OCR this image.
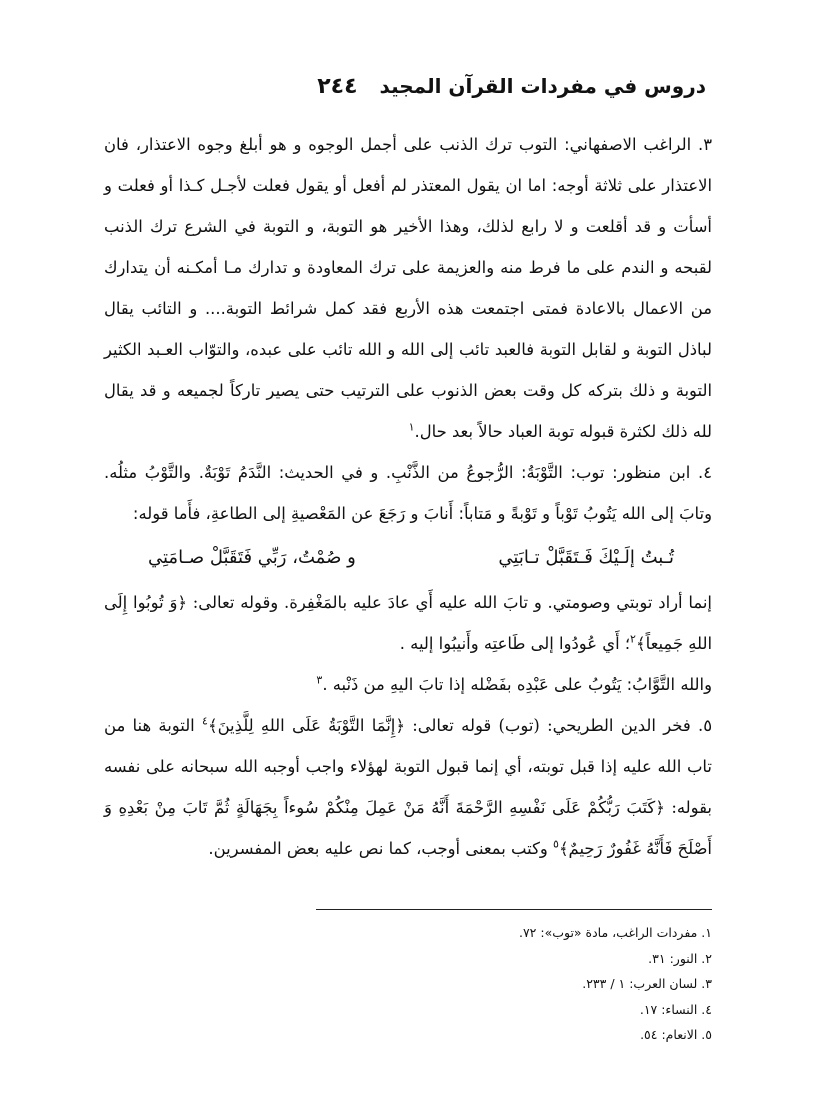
دروس في مفردات القرآن المجيد
٢٤٤

٣. الراغب الاصفهاني: التوب ترك الذنب على أجمل الوجوه و هو أبلغ وجوه الاعتذار، فان الاعتذار على ثلاثة أوجه: اما ان يقول المعتذر لم أفعل أو يقول فعلت لأجـل كـذا أو فعلت و أسأت و قد أقلعت و لا رابع لذلك، وهذا الأخير هو التوبة، و التوبة في الشرع ترك الذنب لقبحه و الندم على ما فرط منه والعزيمة على ترك المعاودة و تدارك مـا أمكـنه أن يتدارك من الاعمال بالاعادة فمتى اجتمعت هذه الأربع فقد كمل شرائط التوبة.... و التائب يقال لباذل التوبة و لقابل التوبة فالعبد تائب إلى الله و الله تائب على عبده، والتوّاب العـبد الكثير التوبة و ذلك بتركه كل وقت بعض الذنوب على الترتيب حتى يصير تاركاً لجميعه و قد يقال لله ذلك لكثرة قبوله توبة العباد حالاً بعد حال.$^١$

٤. ابن منظور: توب: التَّوْبَةُ: الرُّجوعُ من الذَّنْبِ. و في الحديث: النَّدَمُ تَوْبَةٌ. والتَّوْبُ مثلُه. وتابَ إلى الله يَتُوبُ تَوْباً و تَوْبةً و مَتاباً: أَنابَ و رَجَعَ عن المَعْصيةِ إلى الطاعةِ، فأَما قوله:

تُـبتُ إلَـيْكَ فَـتَقَبَّلْ تـابَتِي
و صُمْتُ، رَبِّي فَتَقَبَّلْ صـامَتِي

إنما أراد توبتي وصومتي. و تابَ الله عليه أَي عادَ عليه بالمَغْفِرة. وقوله تعالى: ﴿وَ تُوبُوا إِلَى اللهِ جَمِيعاً﴾$^٢$؛ أَي عُودُوا إلى طَاعتِه وأَنيبُوا إليه .

والله التَّوَّابُ: يَتُوبُ على عَبْدِه بفَضْله إذا تابَ اليهِ من ذَنْبه .$^٣$

٥. فخر الدين الطريحي: (توب) قوله تعالى: ﴿إِنَّمَا التَّوْبَةُ عَلَى اللهِ لِلَّذِينَ﴾$^٤$ التوبة هنا من تاب الله عليه إذا قبل توبته، أي إنما قبول التوبة لهؤلاء واجب أوجبه الله سبحانه على نفسه بقوله: ﴿كَتَبَ رَبُّكُمْ عَلَى نَفْسِهِ الرَّحْمَةَ أَنَّهُ مَنْ عَمِلَ مِنْكُمْ سُوءاً بِجَهَالَةٍ ثُمَّ تَابَ مِنْ بَعْدِهِ وَ أَصْلَحَ فَأَنَّهُ غَفُورٌ رَحِيمٌ﴾$^٥$ وكتب بمعنى أوجب، كما نص عليه بعض المفسرين.

١. مفردات الراغب، مادة «توب»: ٧٢.
٢. النور: ٣١.
٣. لسان العرب: ١ / ٢٣٣.
٤. النساء: ١٧.
٥. الانعام: ٥٤.
